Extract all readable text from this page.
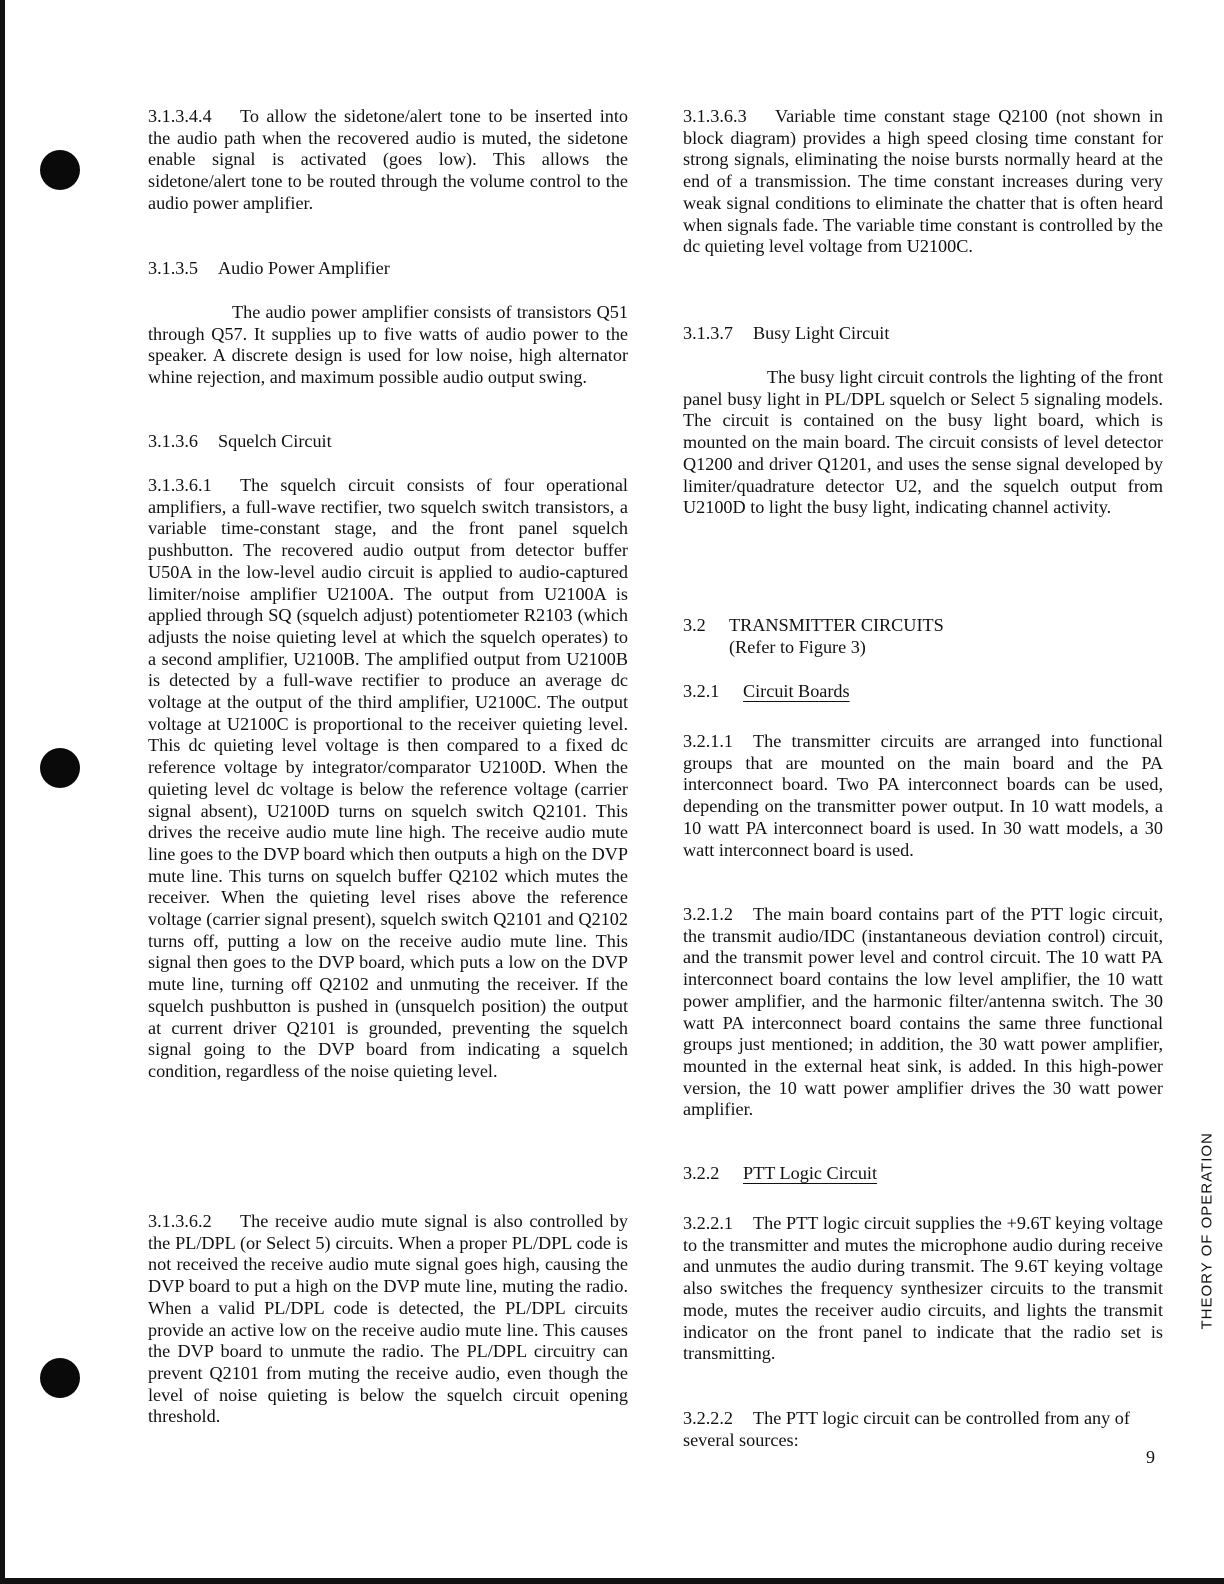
3.1.3.4.4 To allow the sidetone/alert tone to be inserted into the audio path when the recovered audio is muted, the sidetone enable signal is activated (goes low). This allows the sidetone/alert tone to be routed through the volume control to the audio power amplifier.
3.1.3.5 Audio Power Amplifier
The audio power amplifier consists of transistors Q51 through Q57. It supplies up to five watts of audio power to the speaker. A discrete design is used for low noise, high alternator whine rejection, and maximum possible audio output swing.
3.1.3.6 Squelch Circuit
3.1.3.6.1 The squelch circuit consists of four operational amplifiers, a full-wave rectifier, two squelch switch transistors, a variable time-constant stage, and the front panel squelch pushbutton. The recovered audio output from detector buffer U50A in the low-level audio circuit is applied to audio-captured limiter/noise amplifier U2100A. The output from U2100A is applied through SQ (squelch adjust) potentiometer R2103 (which adjusts the noise quieting level at which the squelch operates) to a second amplifier, U2100B. The amplified output from U2100B is detected by a full-wave rectifier to produce an average dc voltage at the output of the third amplifier, U2100C. The output voltage at U2100C is proportional to the receiver quieting level. This dc quieting level voltage is then compared to a fixed dc reference voltage by integrator/comparator U2100D. When the quieting level dc voltage is below the reference voltage (carrier signal absent), U2100D turns on squelch switch Q2101. This drives the receive audio mute line high. The receive audio mute line goes to the DVP board which then outputs a high on the DVP mute line. This turns on squelch buffer Q2102 which mutes the receiver. When the quieting level rises above the reference voltage (carrier signal present), squelch switch Q2101 and Q2102 turns off, putting a low on the receive audio mute line. This signal then goes to the DVP board, which puts a low on the DVP mute line, turning off Q2102 and unmuting the receiver. If the squelch pushbutton is pushed in (unsquelch position) the output at current driver Q2101 is grounded, preventing the squelch signal going to the DVP board from indicating a squelch condition, regardless of the noise quieting level.
3.1.3.6.2 The receive audio mute signal is also controlled by the PL/DPL (or Select 5) circuits. When a proper PL/DPL code is not received the receive audio mute signal goes high, causing the DVP board to put a high on the DVP mute line, muting the radio. When a valid PL/DPL code is detected, the PL/DPL circuits provide an active low on the receive audio mute line. This causes the DVP board to unmute the radio. The PL/DPL circuitry can prevent Q2101 from muting the receive audio, even though the level of noise quieting is below the squelch circuit opening threshold.
3.1.3.6.3 Variable time constant stage Q2100 (not shown in block diagram) provides a high speed closing time constant for strong signals, eliminating the noise bursts normally heard at the end of a transmission. The time constant increases during very weak signal conditions to eliminate the chatter that is often heard when signals fade. The variable time constant is controlled by the dc quieting level voltage from U2100C.
3.1.3.7 Busy Light Circuit
The busy light circuit controls the lighting of the front panel busy light in PL/DPL squelch or Select 5 signaling models. The circuit is contained on the busy light board, which is mounted on the main board. The circuit consists of level detector Q1200 and driver Q1201, and uses the sense signal developed by limiter/quadrature detector U2, and the squelch output from U2100D to light the busy light, indicating channel activity.
3.2 TRANSMITTER CIRCUITS
(Refer to Figure 3)
3.2.1 Circuit Boards
3.2.1.1 The transmitter circuits are arranged into functional groups that are mounted on the main board and the PA interconnect board. Two PA interconnect boards can be used, depending on the transmitter power output. In 10 watt models, a 10 watt PA interconnect board is used. In 30 watt models, a 30 watt interconnect board is used.
3.2.1.2 The main board contains part of the PTT logic circuit, the transmit audio/IDC (instantaneous deviation control) circuit, and the transmit power level and control circuit. The 10 watt PA interconnect board contains the low level amplifier, the 10 watt power amplifier, and the harmonic filter/antenna switch. The 30 watt PA interconnect board contains the same three functional groups just mentioned; in addition, the 30 watt power amplifier, mounted in the external heat sink, is added. In this high-power version, the 10 watt power amplifier drives the 30 watt power amplifier.
3.2.2 PTT Logic Circuit
3.2.2.1 The PTT logic circuit supplies the +9.6T keying voltage to the transmitter and mutes the microphone audio during receive and unmutes the audio during transmit. The 9.6T keying voltage also switches the frequency synthesizer circuits to the transmit mode, mutes the receiver audio circuits, and lights the transmit indicator on the front panel to indicate that the radio set is transmitting.
3.2.2.2 The PTT logic circuit can be controlled from any of several sources:
THEORY OF OPERATION
9
